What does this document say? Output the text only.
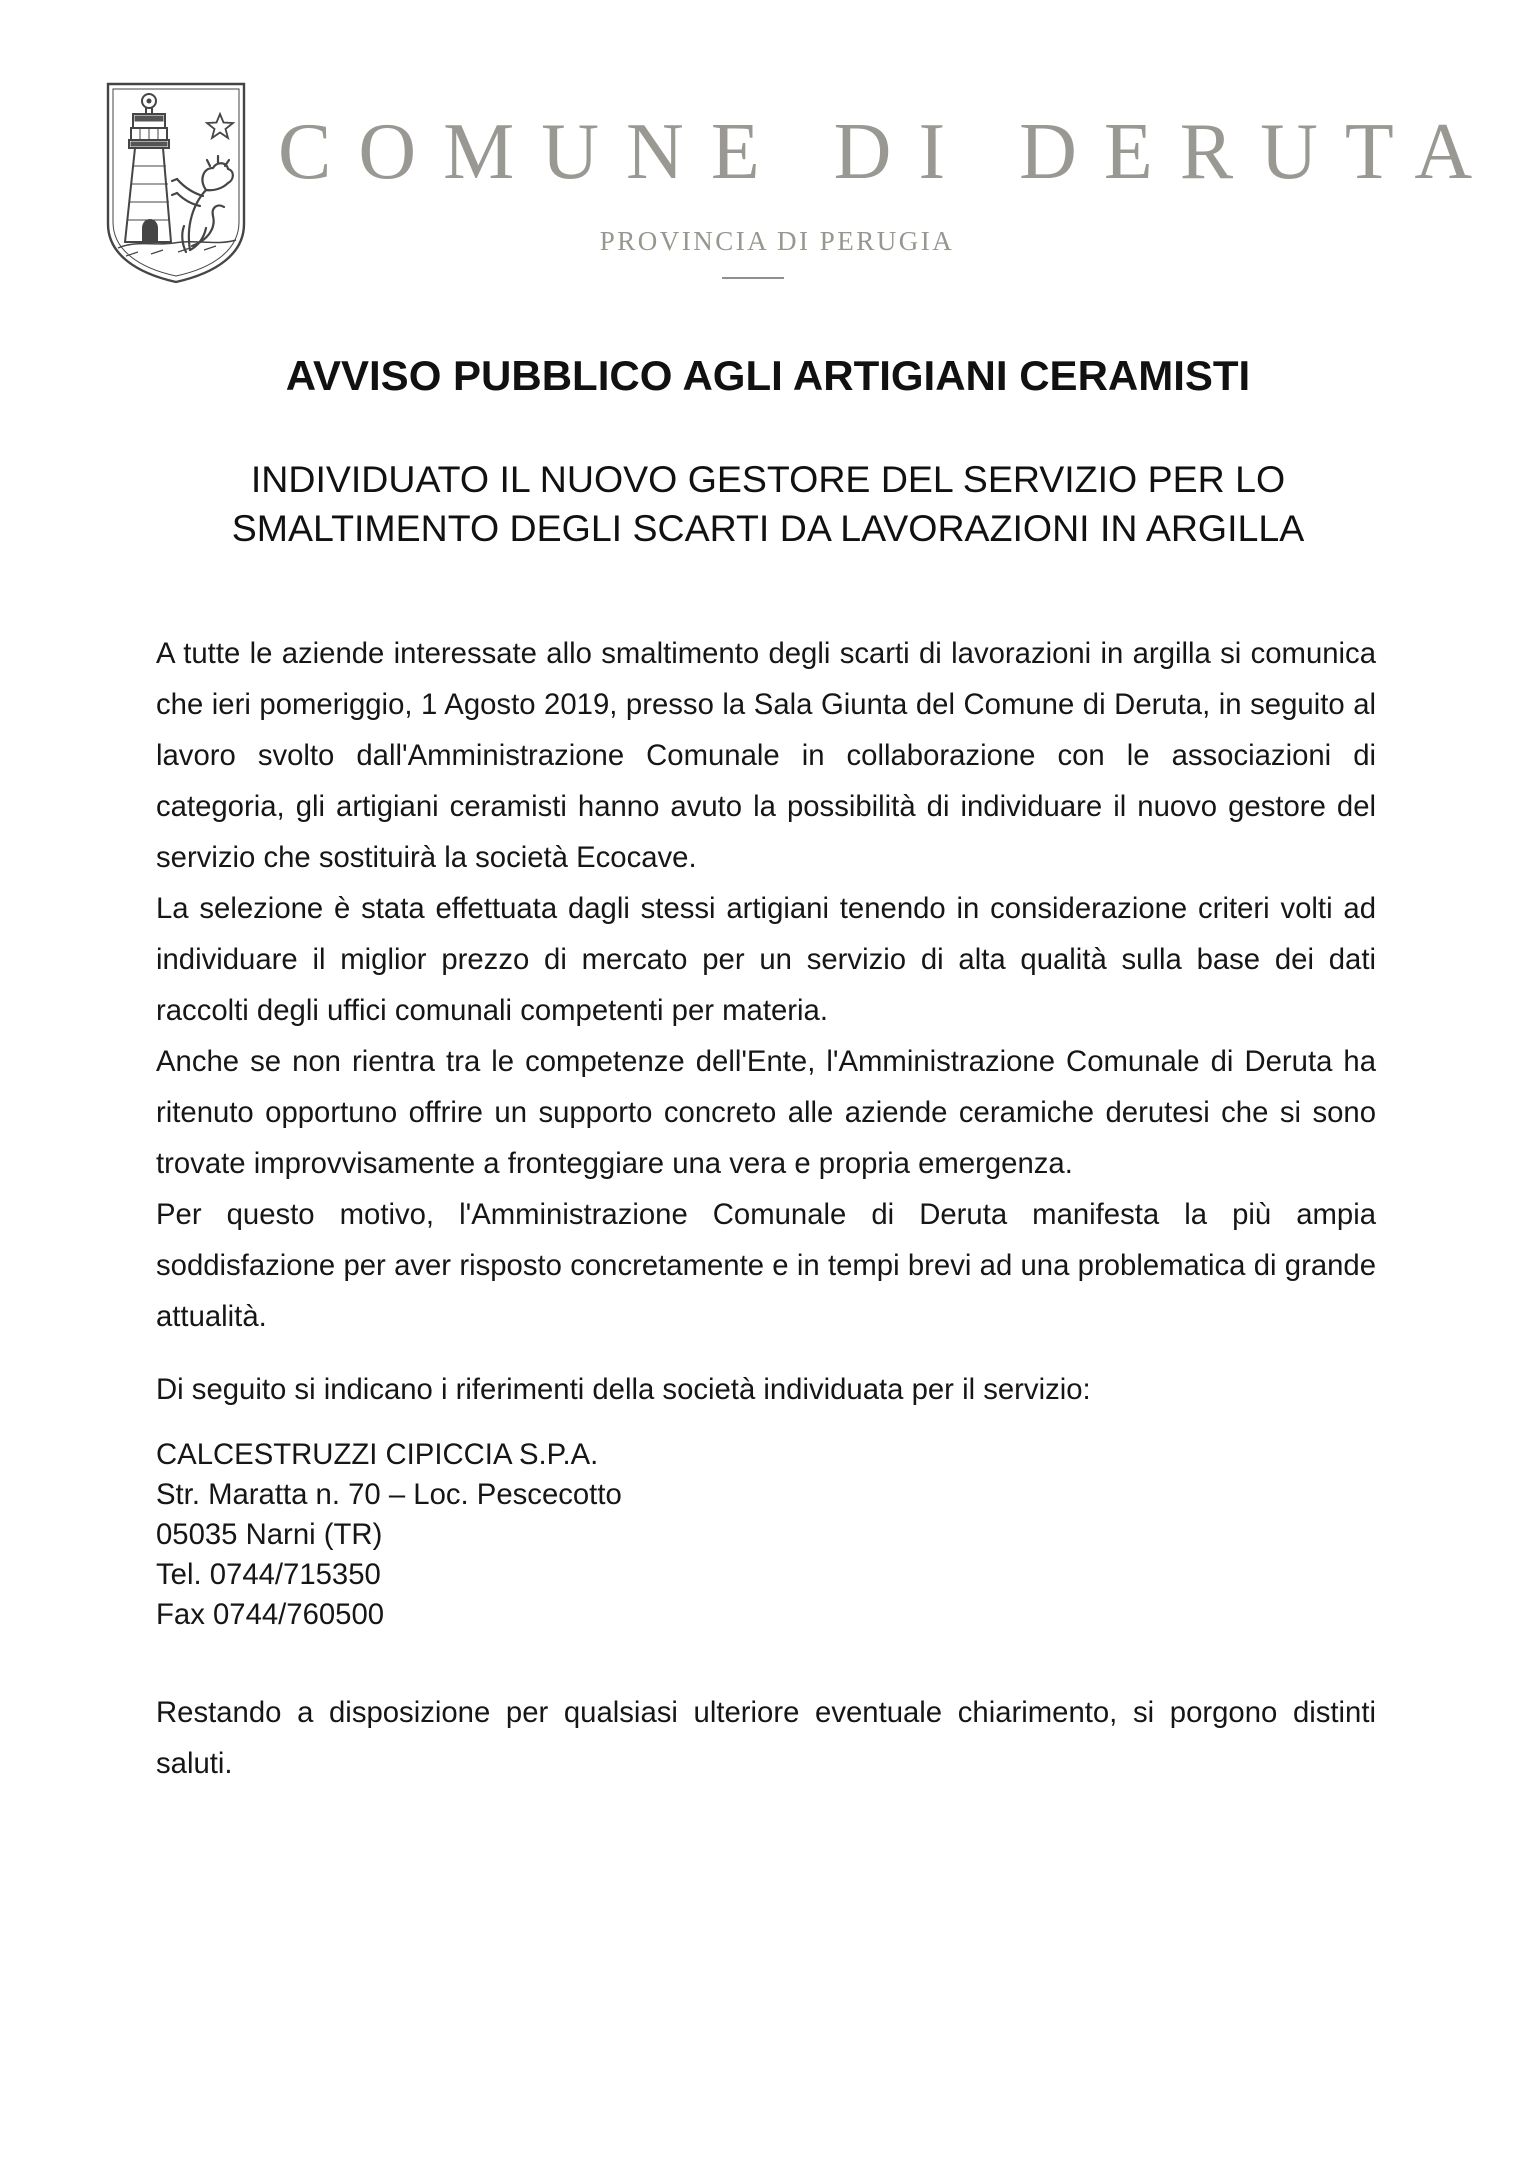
COMUNE DI DERUTA
PROVINCIA DI PERUGIA
AVVISO PUBBLICO AGLI ARTIGIANI CERAMISTI
INDIVIDUATO IL NUOVO GESTORE DEL SERVIZIO PER LO
SMALTIMENTO DEGLI SCARTI DA LAVORAZIONI IN ARGILLA

A tutte le aziende interessate allo smaltimento degli scarti di lavorazioni in argilla si comunica che ieri pomeriggio, 1 Agosto 2019, presso la Sala Giunta del Comune di Deruta, in seguito al lavoro svolto dall'Amministrazione Comunale in collaborazione con le associazioni di categoria, gli artigiani ceramisti hanno avuto la possibilità di individuare il nuovo gestore del servizio che sostituirà la società Ecocave.

La selezione è stata effettuata dagli stessi artigiani tenendo in considerazione criteri volti ad individuare il miglior prezzo di mercato per un servizio di alta qualità sulla base dei dati raccolti degli uffici comunali competenti per materia.

Anche se non rientra tra le competenze dell'Ente, l'Amministrazione Comunale di Deruta ha ritenuto opportuno offrire un supporto concreto alle aziende ceramiche derutesi che si sono trovate improvvisamente a fronteggiare una vera e propria emergenza.

Per questo motivo, l'Amministrazione Comunale di Deruta manifesta la più ampia soddisfazione per aver risposto concretamente e in tempi brevi ad una problematica di grande attualità.

Di seguito si indicano i riferimenti della società individuata per il servizio:

CALCESTRUZZI CIPICCIA S.P.A.
Str. Maratta n. 70 – Loc. Pescecotto
05035 Narni (TR)
Tel. 0744/715350
Fax 0744/760500

Restando a disposizione per qualsiasi ulteriore eventuale chiarimento, si porgono distinti saluti.
